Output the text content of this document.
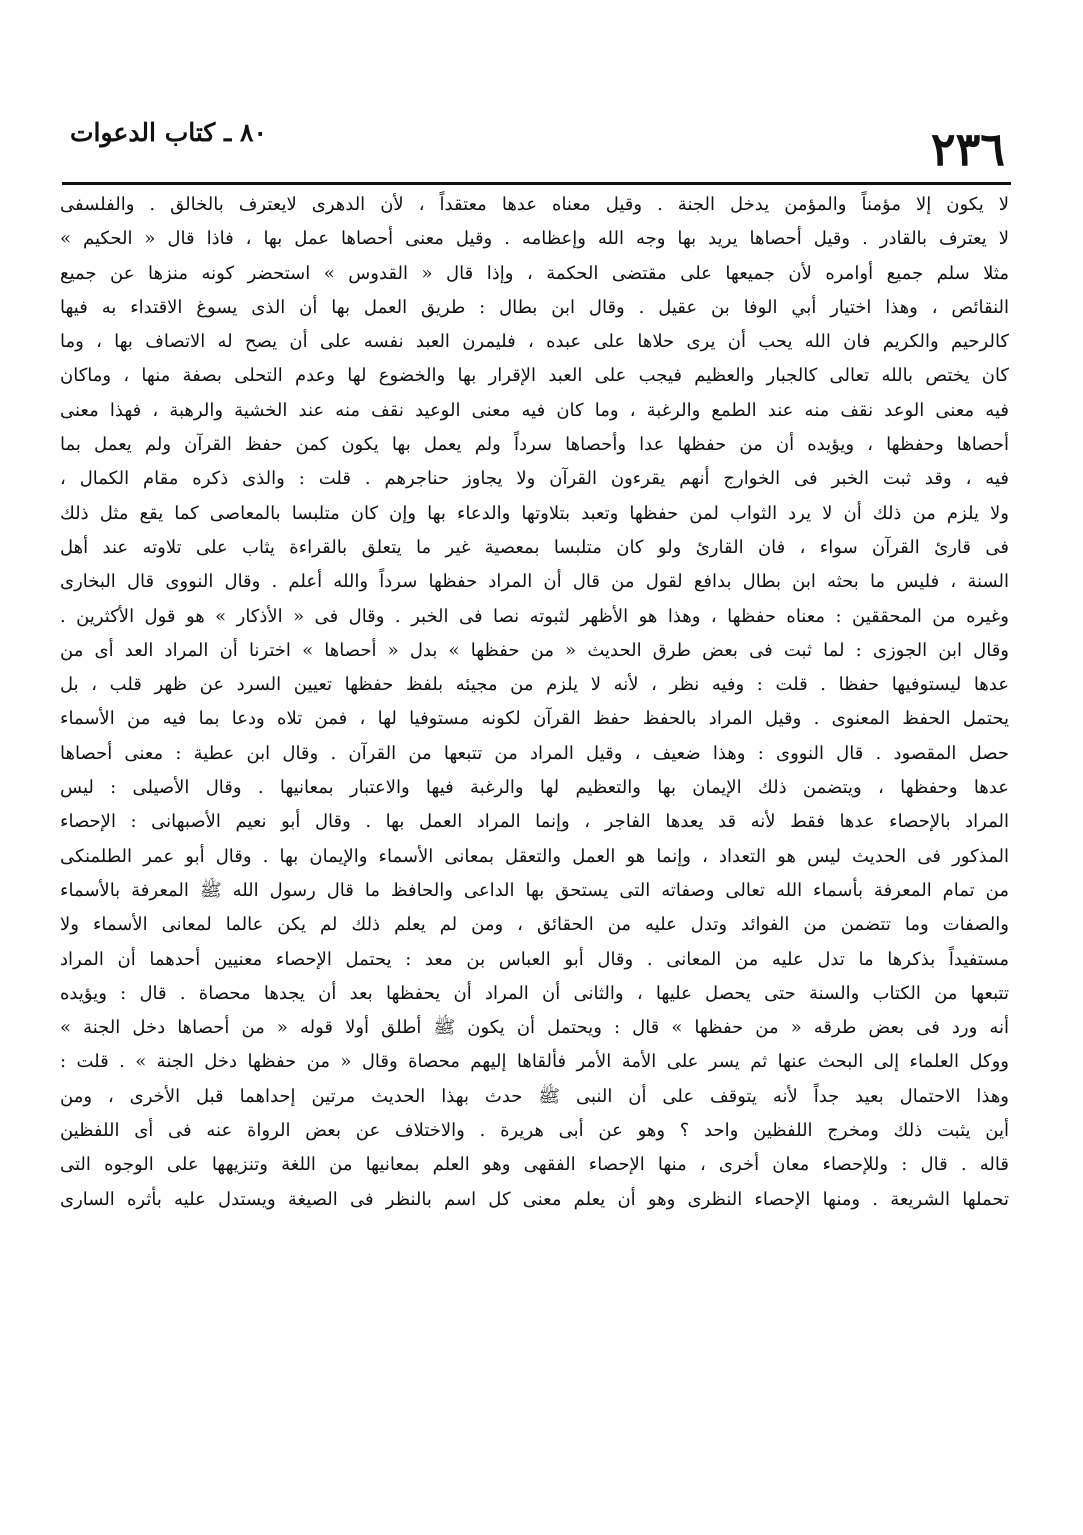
٢٣٦
٨٠ ـ كتاب الدعوات
لا يكون إلا مؤمناً والمؤمن يدخل الجنة . وقيل معناه عدها معتقداً ، لأن الدهرى لايعترف بالخالق . والفلسفى
لا يعترف بالقادر . وقيل أحصاها يريد بها وجه الله وإعظامه . وقيل معنى أحصاها عمل بها ، فاذا قال « الحكيم »
مثلا سلم جميع أوامره لأن جميعها على مقتضى الحكمة ، وإذا قال « القدوس » استحضر كونه منزها عن جميع
النقائص ، وهذا اختيار أبي الوفا بن عقيل . وقال ابن بطال : طريق العمل بها أن الذى يسوغ الاقتداء به فيها
كالرحيم والكريم فان الله يحب أن يرى حلاها على عبده ، فليمرن العبد نفسه على أن يصح له الاتصاف بها ، وما
كان يختص بالله تعالى كالجبار والعظيم فيجب على العبد الإقرار بها والخضوع لها وعدم التحلى بصفة منها ، وماكان
فيه معنى الوعد نقف منه عند الطمع والرغبة ، وما كان فيه معنى الوعيد نقف منه عند الخشية والرهبة ، فهذا معنى
أحصاها وحفظها ، ويؤيده أن من حفظها عدا وأحصاها سرداً ولم يعمل بها يكون كمن حفظ القرآن ولم يعمل بما
فيه ، وقد ثبت الخبر فى الخوارج أنهم يقرءون القرآن ولا يجاوز حناجرهم . قلت : والذى ذكره مقام الكمال ،
ولا يلزم من ذلك أن لا يرد الثواب لمن حفظها وتعبد بتلاوتها والدعاء بها وإن كان متلبسا بالمعاصى كما يقع مثل ذلك
فى قارئ القرآن سواء ، فان القارئ ولو كان متلبسا بمعصية غير ما يتعلق بالقراءة يثاب على تلاوته عند أهل
السنة ، فليس ما بحثه ابن بطال بدافع لقول من قال أن المراد حفظها سرداً والله أعلم . وقال النووى قال البخارى
وغيره من المحققين : معناه حفظها ، وهذا هو الأظهر لثبوته نصا فى الخبر . وقال فى « الأذكار » هو قول الأكثرين .
وقال ابن الجوزى : لما ثبت فى بعض طرق الحديث « من حفظها » بدل « أحصاها » اخترنا أن المراد العد أى من
عدها ليستوفيها حفظا . قلت : وفيه نظر ، لأنه لا يلزم من مجيئه بلفظ حفظها تعيين السرد عن ظهر قلب ، بل
يحتمل الحفظ المعنوى . وقيل المراد بالحفظ حفظ القرآن لكونه مستوفيا لها ، فمن تلاه ودعا بما فيه من الأسماء
حصل المقصود . قال النووى : وهذا ضعيف ، وقيل المراد من تتبعها من القرآن . وقال ابن عطية : معنى أحصاها
عدها وحفظها ، ويتضمن ذلك الإيمان بها والتعظيم لها والرغبة فيها والاعتبار بمعانيها . وقال الأصيلى : ليس
المراد بالإحصاء عدها فقط لأنه قد يعدها الفاجر ، وإنما المراد العمل بها . وقال أبو نعيم الأصبهانى : الإحصاء
المذكور فى الحديث ليس هو التعداد ، وإنما هو العمل والتعقل بمعانى الأسماء والإيمان بها . وقال أبو عمر الطلمنكى
من تمام المعرفة بأسماء الله تعالى وصفاته التى يستحق بها الداعى والحافظ ما قال رسول الله ﷺ المعرفة بالأسماء
والصفات وما تتضمن من الفوائد وتدل عليه من الحقائق ، ومن لم يعلم ذلك لم يكن عالما لمعانى الأسماء ولا
مستفيداً بذكرها ما تدل عليه من المعانى . وقال أبو العباس بن معد : يحتمل الإحصاء معنيين أحدهما أن المراد
تتبعها من الكتاب والسنة حتى يحصل عليها ، والثانى أن المراد أن يحفظها بعد أن يجدها محصاة . قال : ويؤيده
أنه ورد فى بعض طرقه « من حفظها » قال : ويحتمل أن يكون ﷺ أطلق أولا قوله « من أحصاها دخل الجنة »
ووكل العلماء إلى البحث عنها ثم يسر على الأمة الأمر فألقاها إليهم محصاة وقال « من حفظها دخل الجنة » . قلت :
وهذا الاحتمال بعيد جداً لأنه يتوقف على أن النبى ﷺ حدث بهذا الحديث مرتين إحداهما قبل الأخرى ، ومن
أين يثبت ذلك ومخرج اللفظين واحد ؟ وهو عن أبى هريرة . والاختلاف عن بعض الرواة عنه فى أى اللفظين
قاله . قال : وللإحصاء معان أخرى ، منها الإحصاء الفقهى وهو العلم بمعانيها من اللغة وتنزيهها على الوجوه التى
تحملها الشريعة . ومنها الإحصاء النظرى وهو أن يعلم معنى كل اسم بالنظر فى الصيغة ويستدل عليه بأثره السارى
